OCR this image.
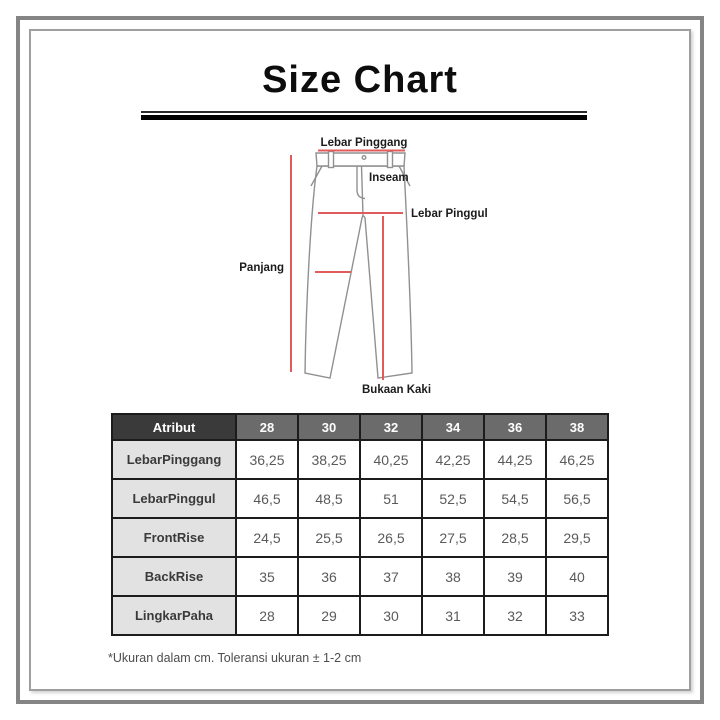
Size Chart
Lebar Pinggang
Inseam
Lebar Pinggul
Panjang
Bukaan Kaki
Atribut	28	30	32	34	36	38
LebarPinggang	36,25	38,25	40,25	42,25	44,25	46,25
LebarPinggul	46,5	48,5	51	52,5	54,5	56,5
FrontRise	24,5	25,5	26,5	27,5	28,5	29,5
BackRise	35	36	37	38	39	40
LingkarPaha	28	29	30	31	32	33
*Ukuran dalam cm. Toleransi ukuran ± 1-2 cm
